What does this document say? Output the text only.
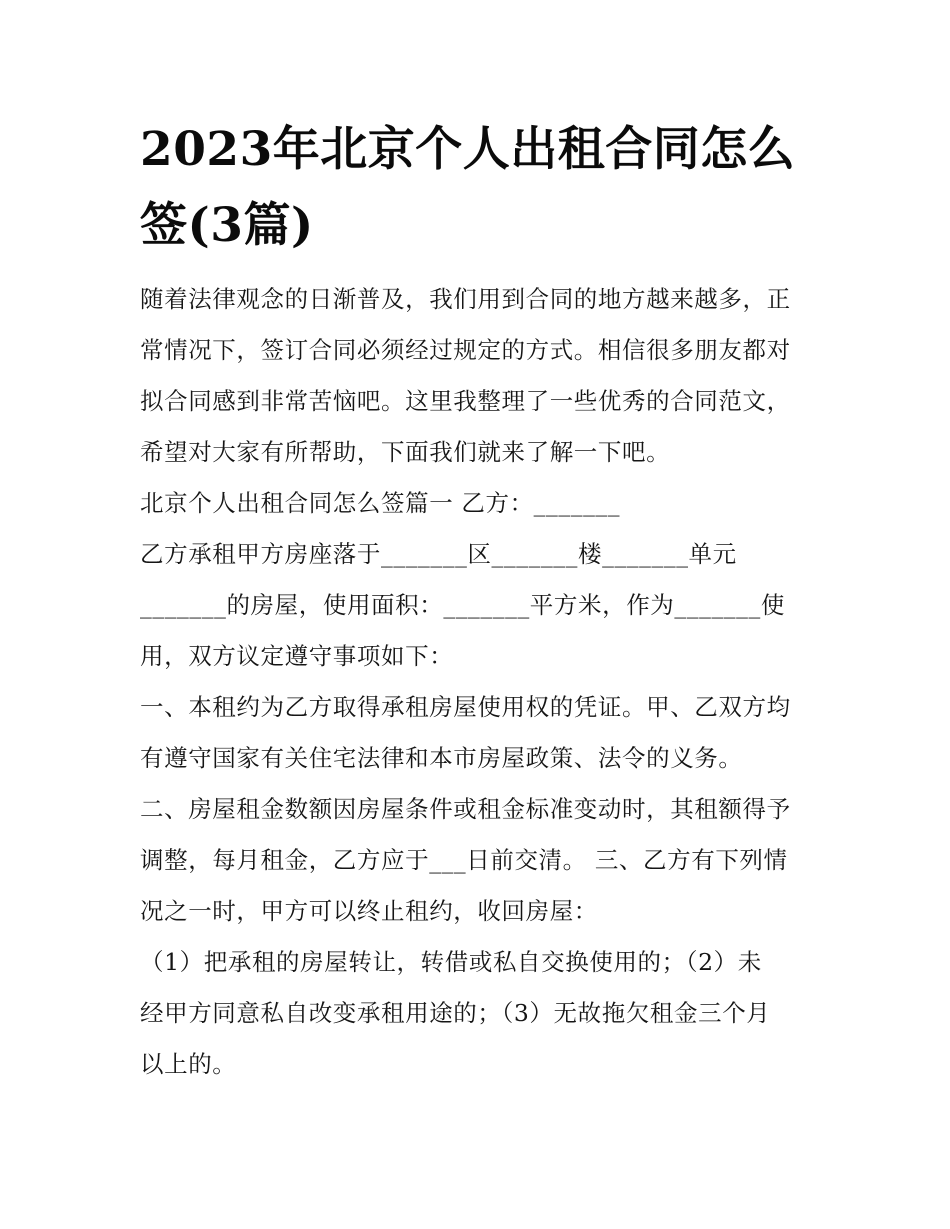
2023年北京个人出租合同怎么
签(3篇)

随着法律观念的日渐普及，我们用到合同的地方越来越多，正

常情况下，签订合同必须经过规定的方式。相信很多朋友都对

拟合同感到非常苦恼吧。这里我整理了一些优秀的合同范文，

希望对大家有所帮助，下面我们就来了解一下吧。

北京个人出租合同怎么签篇一 乙方：_______

乙方承租甲方房座落于_______区_______楼_______单元

_______的房屋，使用面积：_______平方米，作为_______使

用，双方议定遵守事项如下：

一、本租约为乙方取得承租房屋使用权的凭证。甲、乙双方均

有遵守国家有关住宅法律和本市房屋政策、法令的义务。

二、房屋租金数额因房屋条件或租金标准变动时，其租额得予

调整，每月租金，乙方应于___日前交清。 三、乙方有下列情

况之一时，甲方可以终止租约，收回房屋：

（1）把承租的房屋转让，转借或私自交换使用的；（2）未

经甲方同意私自改变承租用途的；（3）无故拖欠租金三个月

以上的。
